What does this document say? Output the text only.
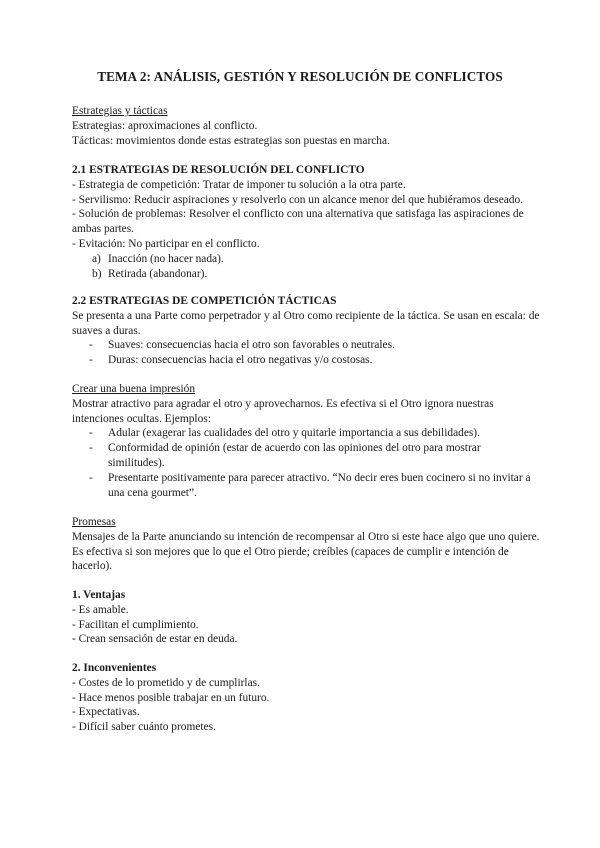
TEMA 2: ANÁLISIS, GESTIÓN Y RESOLUCIÓN DE CONFLICTOS

Estrategias y tácticas

Estrategias: aproximaciones al conflicto.

Tácticas: movimientos donde estas estrategias son puestas en marcha.

2.1 ESTRATEGIAS DE RESOLUCIÓN DEL CONFLICTO

- Estrategia de competición: Tratar de imponer tu solución a la otra parte.

- Servilismo: Reducir aspiraciones y resolverlo con un alcance menor del que hubiéramos deseado.

- Solución de problemas: Resolver el conflicto con una alternativa que satisfaga las aspiraciones de

ambas partes.

- Evitación: No participar en el conflicto.

a) Inacción (no hacer nada).

b) Retirada (abandonar).

2.2 ESTRATEGIAS DE COMPETICIÓN TÁCTICAS

Se presenta a una Parte como perpetrador y al Otro como recipiente de la táctica. Se usan en escala: de

suaves a duras.

- Suaves: consecuencias hacia el otro son favorables o neutrales.

- Duras: consecuencias hacia el otro negativas y/o costosas.

Crear una buena impresión

Mostrar atractivo para agradar el otro y aprovecharnos. Es efectiva si el Otro ignora nuestras

intenciones ocultas. Ejemplos:

- Adular (exagerar las cualidades del otro y quitarle importancia a sus debilidades).

- Conformidad de opinión (estar de acuerdo con las opiniones del otro para mostrar

similitudes).

- Presentarte positivamente para parecer atractivo. “No decir eres buen cocinero si no invitar a

una cena gourmet”.

Promesas

Mensajes de la Parte anunciando su intención de recompensar al Otro si este hace algo que uno quiere.

Es efectiva si son mejores que lo que el Otro pierde; creíbles (capaces de cumplir e intención de

hacerlo).

1. Ventajas

- Es amable.

- Facilitan el cumplimiento.

- Crean sensación de estar en deuda.

2. Inconvenientes

- Costes de lo prometido y de cumplirlas.

- Hace menos posible trabajar en un futuro.

- Expectativas.

- Difícil saber cuánto prometes.
